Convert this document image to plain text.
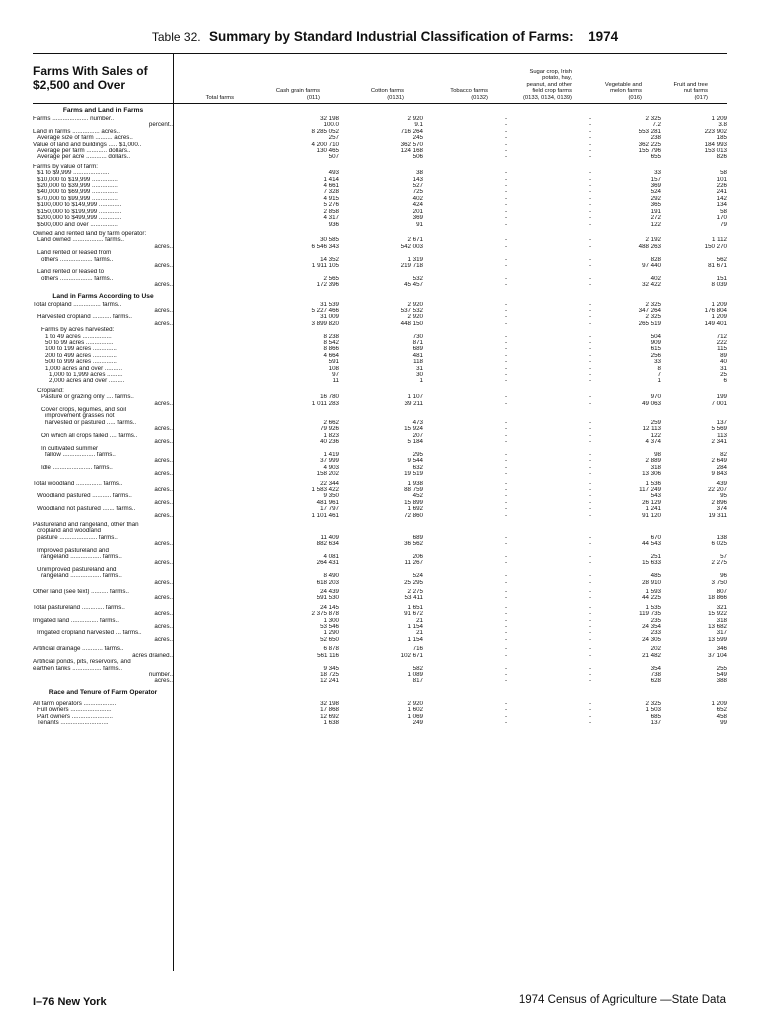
Table 32. Summary by Standard Industrial Classification of Farms: 1974
Farms With Sales of
$2,500 and Over
Total farms
Cash grain farms
(011)
Cotton farms
(0131)
Tobacco farms
(0132)
Sugar crop, Irish
potato, hay,
peanut, and other
field crop farms
(0133, 0134, 0139)
Vegetable and
melon farms
(016)
Fruit and tree
nut farms
(017)
Farms and Land in Farms								
Farms ..................... number..		32 198	2 920	-	-	2 325	1 209	
percent..		100.0	9.1	-	-	7.2	3.8	
Land in farms ................ acres..		8 285 052	716 264	-	-	553 281	223 902	
Average size of farm .......... acres..		257	245	-	-	238	185	
Value of land and buildings ..... $1,000..		4 200 710	362 570	-	-	362 225	184 993	
Average per farm ............ dollars..		130 465	124 168	-	-	155 796	153 013	
Average per acre ............ dollars..		507	506	-	-	655	826	

Farms by value of farm:								
$1 to $9,999 .....................		493	38	-	-	33	58	
$10,000 to $19,999 ...............		1 414	143	-	-	157	101	
$20,000 to $39,999 ...............		4 661	527	-	-	369	226	
$40,000 to $69,999 ...............		7 328	725	-	-	524	241	
$70,000 to $99,999 ...............		4 915	402	-	-	292	142	
$100,000 to $149,999 .............		5 276	424	-	-	365	134	
$150,000 to $199,999 .............		2 858	201	-	-	191	58	
$200,000 to $499,999 .............		4 317	369	-	-	272	170	
$500,000 and over ................		936	91	-	-	122	79	

Owned and rented land by farm operator:								
Land owned .................. farms..		30 585	2 671	-	-	2 192	1 112	
acres..		6 546 343	542 003	-	-	488 263	150 270	
Land rented or leased from								
others ................... farms..		14 352	1 319	-	-	828	562	
acres..		1 911 105	219 718	-	-	97 440	81 671	
Land rented or leased to								
others ................... farms..		2 565	532	-	-	402	151	
acres..		172 396	45 457	-	-	32 422	8 039	

Land in Farms According to Use								
Total cropland ................ farms..		31 539	2 920	-	-	2 325	1 209	
acres..		5 227 466	537 532	-	-	347 264	176 804	
Harvested cropland ........... farms..		31 009	2 920	-	-	2 325	1 209	
acres..		3 899 820	448 150	-	-	265 519	149 401	
Farms by acres harvested:								
1 to 49 acres .................		8 238	730	-	-	504	712	
50 to 99 acres ................		8 542	871	-	-	909	222	
100 to 199 acres ..............		8 866	689	-	-	615	115	
200 to 499 acres ..............		4 664	481	-	-	256	89	
500 to 999 acres ..............		591	118	-	-	33	40	
1,000 acres and over ..........		108	31	-	-	8	31	
1,000 to 1,999 acres .........		97	30	-	-	7	25	
2,000 acres and over .........		11	1	-	-	1	6	

Cropland:								
Pasture or grazing only .... farms..		16 780	1 107	-	-	970	199	
acres..		1 011 283	39 211	-	-	49 063	7 001	
Cover crops, legumes, and soil								
improvement grasses not								
harvested or pastured ..... farms..		2 662	473	-	-	259	137	
acres..		79 926	15 924	-	-	12 113	5 569	
On which all crops failed .... farms..		1 823	207	-	-	122	113	
acres..		40 236	5 184	-	-	4 374	2 341	
In cultivated summer								
fallow ................... farms..		1 419	295	-	-	98	82	
acres..		37 999	9 544	-	-	2 889	2 649	
Idle ....................... farms..		4 903	632	-	-	318	284	
acres..		158 202	19 519	-	-	13 306	9 843	

Total woodland ............... farms..		22 344	1 938	-	-	1 536	439	
acres..		1 583 422	88 759	-	-	117 249	22 207	
Woodland pastured ........... farms..		9 350	452	-	-	543	95	
acres..		481 961	15 899	-	-	26 129	2 896	
Woodland not pastured ....... farms..		17 797	1 692	-	-	1 241	374	
acres..		1 101 461	72 860	-	-	91 120	19 311	

Pastureland and rangeland, other than								
cropland and woodland								
pasture ...................... farms..		11 409	689	-	-	670	138	
acres..		882 634	36 562	-	-	44 543	6 025	
Improved pastureland and								
rangeland .................. farms..		4 081	206	-	-	251	57	
acres..		264 431	11 267	-	-	15 633	2 275	
Unimproved pastureland and								
rangeland .................. farms..		8 490	524	-	-	485	96	
acres..		618 203	25 295	-	-	28 910	3 750	

Other land (see text) .......... farms..		24 439	2 275	-	-	1 593	807	
acres..		591 530	53 411	-	-	44 225	18 866	

Total pastureland ............. farms..		24 145	1 651	-	-	1 535	321	
acres..		2 375 878	91 672	-	-	119 735	15 922	
Irrigated land ................ farms..		1 300	21	-	-	235	318	
acres..		53 546	1 154	-	-	24 354	13 682	
Irrigated cropland harvested ... farms..		1 290	21	-	-	233	317	
acres..		52 650	1 154	-	-	24 305	13 599	

Artificial drainage ............ farms..		6 878	716	-	-	202	346	
acres drained..		561 116	102 671	-	-	21 482	37 104	
Artificial ponds, pits, reservoirs, and								
earthen tanks ................. farms..		9 345	582	-	-	354	255	
number..		18 725	1 089	-	-	738	549	
acres..		12 241	817	-	-	628	388	

Race and Tenure of Farm Operator								

All farm operators ...................		32 198	2 920	-	-	2 325	1 209	
Full owners ........................		17 868	1 602	-	-	1 503	652	
Part owners ........................		12 692	1 069	-	-	685	458	
Tenants ............................		1 638	249	-	-	137	99	
I–76 New York	1974 Census of Agriculture —State Data
